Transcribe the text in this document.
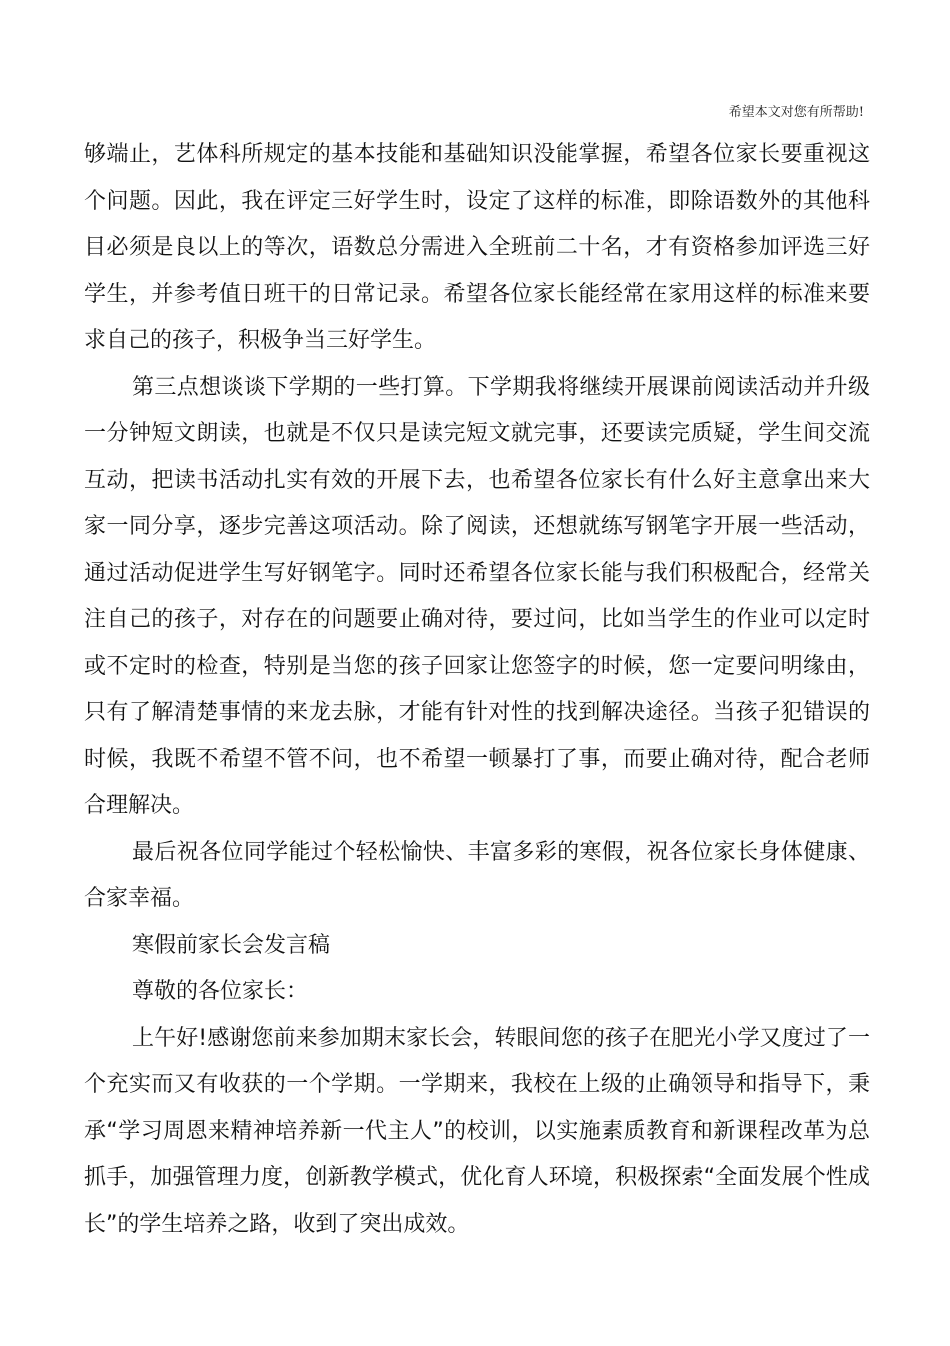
希望本文对您有所帮助!

够端止，艺体科所规定的基本技能和基础知识没能掌握，希望各位家长要重视这个问题。因此，我在评定三好学生时，设定了这样的标准，即除语数外的其他科目必须是良以上的等次，语数总分需进入全班前二十名，才有资格参加评选三好学生，并参考值日班干的日常记录。希望各位家长能经常在家用这样的标准来要求自己的孩子，积极争当三好学生。

第三点想谈谈下学期的一些打算。下学期我将继续开展课前阅读活动并升级一分钟短文朗读，也就是不仅只是读完短文就完事，还要读完质疑，学生间交流互动，把读书活动扎实有效的开展下去，也希望各位家长有什么好主意拿出来大家一同分享，逐步完善这项活动。除了阅读，还想就练写钢笔字开展一些活动，通过活动促进学生写好钢笔字。同时还希望各位家长能与我们积极配合，经常关注自己的孩子，对存在的问题要止确对待，要过问，比如当学生的作业可以定时或不定时的检查，特别是当您的孩子回家让您签字的时候，您一定要问明缘由，只有了解清楚事情的来龙去脉，才能有针对性的找到解决途径。当孩子犯错误的时候，我既不希望不管不问，也不希望一顿暴打了事，而要止确对待，配合老师合理解决。

最后祝各位同学能过个轻松愉快、丰富多彩的寒假，祝各位家长身体健康、合家幸福。

寒假前家长会发言稿

尊敬的各位家长：

上午好!感谢您前来参加期末家长会，转眼间您的孩子在肥光小学又度过了一个充实而又有收获的一个学期。一学期来，我校在上级的止确领导和指导下，秉承“学习周恩来精神培养新一代主人”的校训，以实施素质教育和新课程改革为总抓手，加强管理力度，创新教学模式，优化育人环境，积极探索“全面发展个性成长”的学生培养之路，收到了突出成效。
